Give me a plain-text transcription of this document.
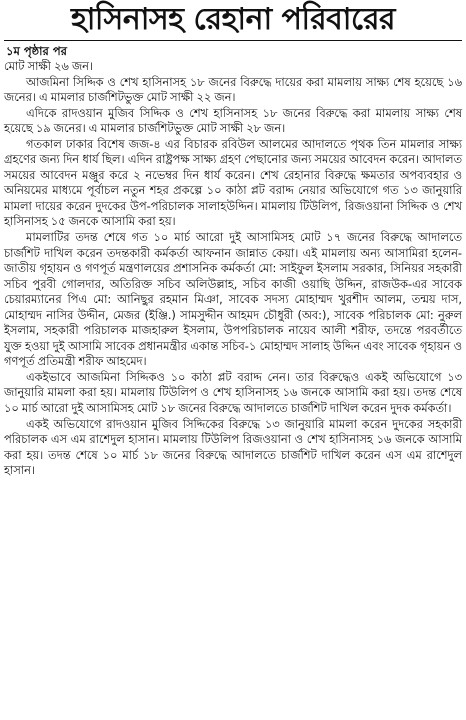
হাসিনাসহ রেহানা পরিবারের
১ম পৃষ্ঠার পর

মোট সাক্ষী ২৬ জন।

আজমিনা সিদ্দিক ও শেখ হাসিনাসহ ১৮ জনের বিরুদ্ধে দায়ের করা মামলায় সাক্ষ্য শেষ হয়েছে ১৬ জনের। এ মামলার চার্জশিটভুক্ত মোট সাক্ষী ২২ জন।

এদিকে রাদওয়ান মুজিব সিদ্দিক ও শেখ হাসিনাসহ ১৮ জনের বিরুদ্ধে করা মামলায় সাক্ষ্য শেষ হয়েছে ১৯ জনের। এ মামলার চার্জশিটভুক্ত মোট সাক্ষী ২৮ জন।

গতকাল ঢাকার বিশেষ জজ-৪ এর বিচারক রবিউল আলমের আদালতে পৃথক তিন মামলার সাক্ষ্য গ্রহণের জন্য দিন ধার্য ছিল। এদিন রাষ্ট্রপক্ষ সাক্ষ্য গ্রহণ পেছানোর জন্য সময়ের আবেদন করেন। আদালত সময়ের আবেদন মঞ্জুর করে ২ নভেম্বর দিন ধার্য করেন। শেখ রেহানার বিরুদ্ধে ক্ষমতার অপব্যবহার ও অনিয়মের মাধ্যমে পূর্বাচল নতুন শহর প্রকল্পে ১০ কাঠা প্লট বরাদ্দ নেয়ার অভিযোগে গত ১৩ জানুয়ারি মামলা দায়ের করেন দুদকের উপ-পরিচালক সালাহউদ্দিন। মামলায় টিউলিপ, রিজওয়ানা সিদ্দিক ও শেখ হাসিনাসহ ১৫ জনকে আসামি করা হয়।

মামলাটির তদন্ত শেষে গত ১০ মার্চ আরো দুই আসামিসহ মোট ১৭ জনের বিরুদ্ধে আদালতে চার্জশিট দাখিল করেন তদন্তকারী কর্মকর্তা আফনান জান্নাত কেয়া। এই মামলায় অন্য আসামিরা হলেন- জাতীয় গৃহায়ন ও গণপূর্ত মন্ত্রণালয়ের প্রশাসনিক কর্মকর্তা মো: সাইফুল ইসলাম সরকার, সিনিয়র সহকারী সচিব পুরবী গোলদার, অতিরিক্ত সচিব অলিউল্লাহ, সচিব কাজী ওয়াছি উদ্দিন, রাজউক-এর সাবেক চেয়ারম্যানের পিএ মো: আনিছুর রহমান মিঞা, সাবেক সদস্য মোহাম্মদ খুরশীদ আলম, তন্ময় দাস, মোহাম্মদ নাসির উদ্দীন, মেজর (ইঞ্জি.) সামসুদ্দীন আহমদ চৌধুরী (অব:), সাবেক পরিচালক মো: নুরুল ইসলাম, সহকারী পরিচালক মাজহারুল ইসলাম, উপপরিচালক নায়েব আলী শরীফ, তদন্তে পরবর্তীতে যুক্ত হওয়া দুই আসামি সাবেক প্রধানমন্ত্রীর একান্ত সচিব-১ মোহাম্মদ সালাহ উদ্দিন এবং সাবেক গৃহায়ন ও গণপূর্ত প্রতিমন্ত্রী শরীফ আহমেদ।

একইভাবে আজমিনা সিদ্দিকও ১০ কাঠা প্লট বরাদ্দ নেন। তার বিরুদ্ধেও একই অভিযোগে ১৩ জানুয়ারি মামলা করা হয়। মামলায় টিউলিপ ও শেখ হাসিনাসহ ১৬ জনকে আসামি করা হয়। তদন্ত শেষে ১০ মার্চ আরো দুই আসামিসহ মোট ১৮ জনের বিরুদ্ধে আদালতে চার্জশিট দাখিল করেন দুদক কর্মকর্তা।

একই অভিযোগে রাদওয়ান মুজিব সিদ্দিকের বিরুদ্ধে ১৩ জানুয়ারি মামলা করেন দুদকের সহকারী পরিচালক এস এম রাশেদুল হাসান। মামলায় টিউলিপ রিজওয়ানা ও শেখ হাসিনাসহ ১৬ জনকে আসামি করা হয়। তদন্ত শেষে ১০ মার্চ ১৮ জনের বিরুদ্ধে আদালতে চার্জশিট দাখিল করেন এস এম রাশেদুল হাসান।
